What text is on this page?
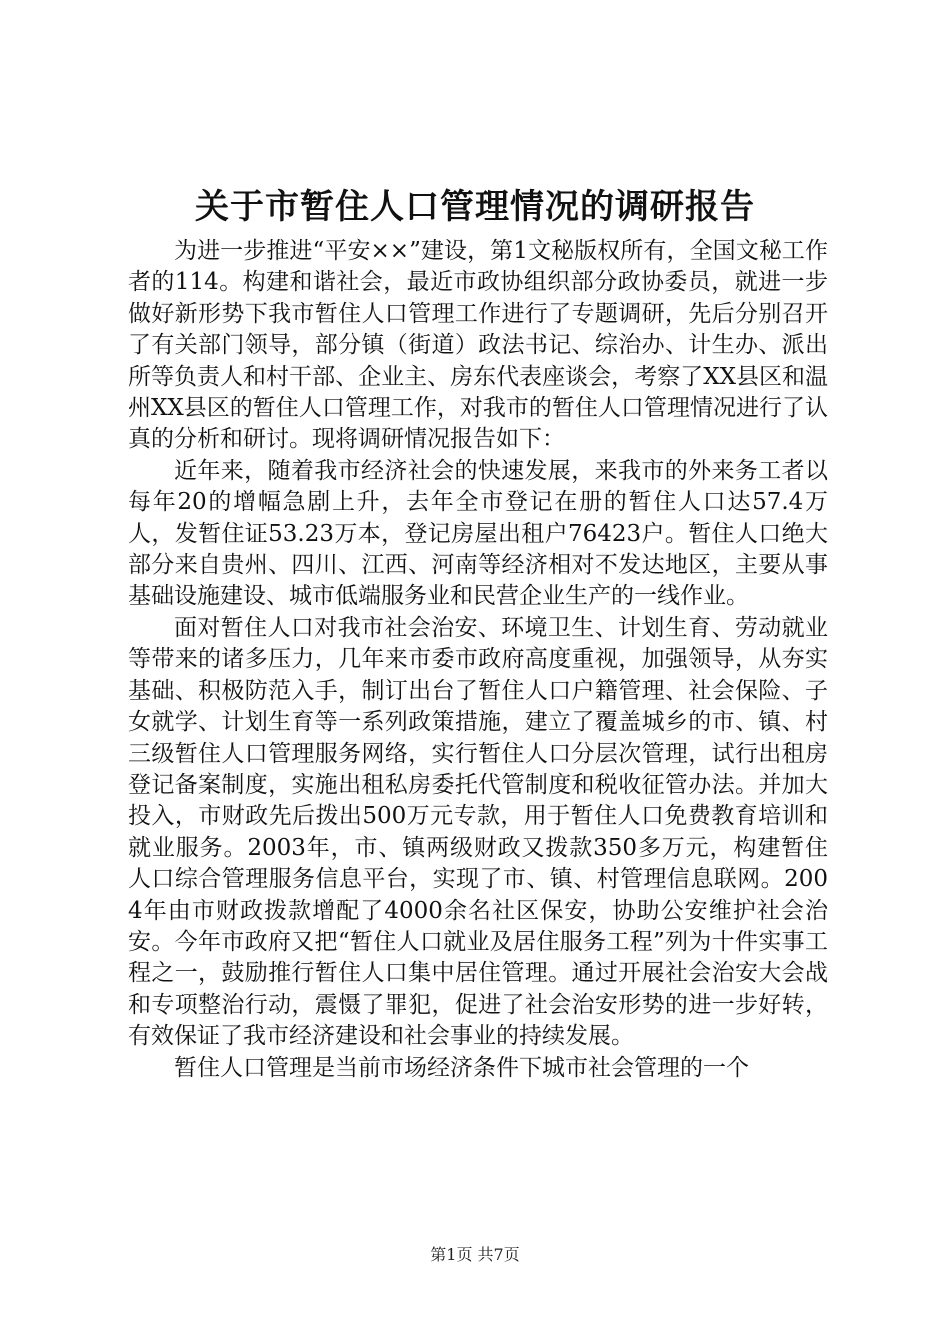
关于市暂住人口管理情况的调研报告

为进一步推进“平安××”建设，第1文秘版权所有，全国文秘工作者的114。构建和谐社会，最近市政协组织部分政协委员，就进一步做好新形势下我市暂住人口管理工作进行了专题调研，先后分别召开了有关部门领导，部分镇（街道）政法书记、综治办、计生办、派出所等负责人和村干部、企业主、房东代表座谈会，考察了XX县区和温州XX县区的暂住人口管理工作，对我市的暂住人口管理情况进行了认真的分析和研讨。现将调研情况报告如下：

近年来，随着我市经济社会的快速发展，来我市的外来务工者以每年20的增幅急剧上升，去年全市登记在册的暂住人口达57.4万人，发暂住证53.23万本，登记房屋出租户76423户。暂住人口绝大部分来自贵州、四川、江西、河南等经济相对不发达地区，主要从事基础设施建设、城市低端服务业和民营企业生产的一线作业。

面对暂住人口对我市社会治安、环境卫生、计划生育、劳动就业等带来的诸多压力，几年来市委市政府高度重视，加强领导，从夯实基础、积极防范入手，制订出台了暂住人口户籍管理、社会保险、子女就学、计划生育等一系列政策措施，建立了覆盖城乡的市、镇、村三级暂住人口管理服务网络，实行暂住人口分层次管理，试行出租房登记备案制度，实施出租私房委托代管制度和税收征管办法。并加大投入，市财政先后拨出500万元专款，用于暂住人口免费教育培训和就业服务。2003年，市、镇两级财政又拨款350多万元，构建暂住人口综合管理服务信息平台，实现了市、镇、村管理信息联网。2004年由市财政拨款增配了4000余名社区保安，协助公安维护社会治安。今年市政府又把“暂住人口就业及居住服务工程”列为十件实事工程之一，鼓励推行暂住人口集中居住管理。通过开展社会治安大会战和专项整治行动，震慑了罪犯，促进了社会治安形势的进一步好转，有效保证了我市经济建设和社会事业的持续发展。

暂住人口管理是当前市场经济条件下城市社会管理的一个

第1页 共7页
